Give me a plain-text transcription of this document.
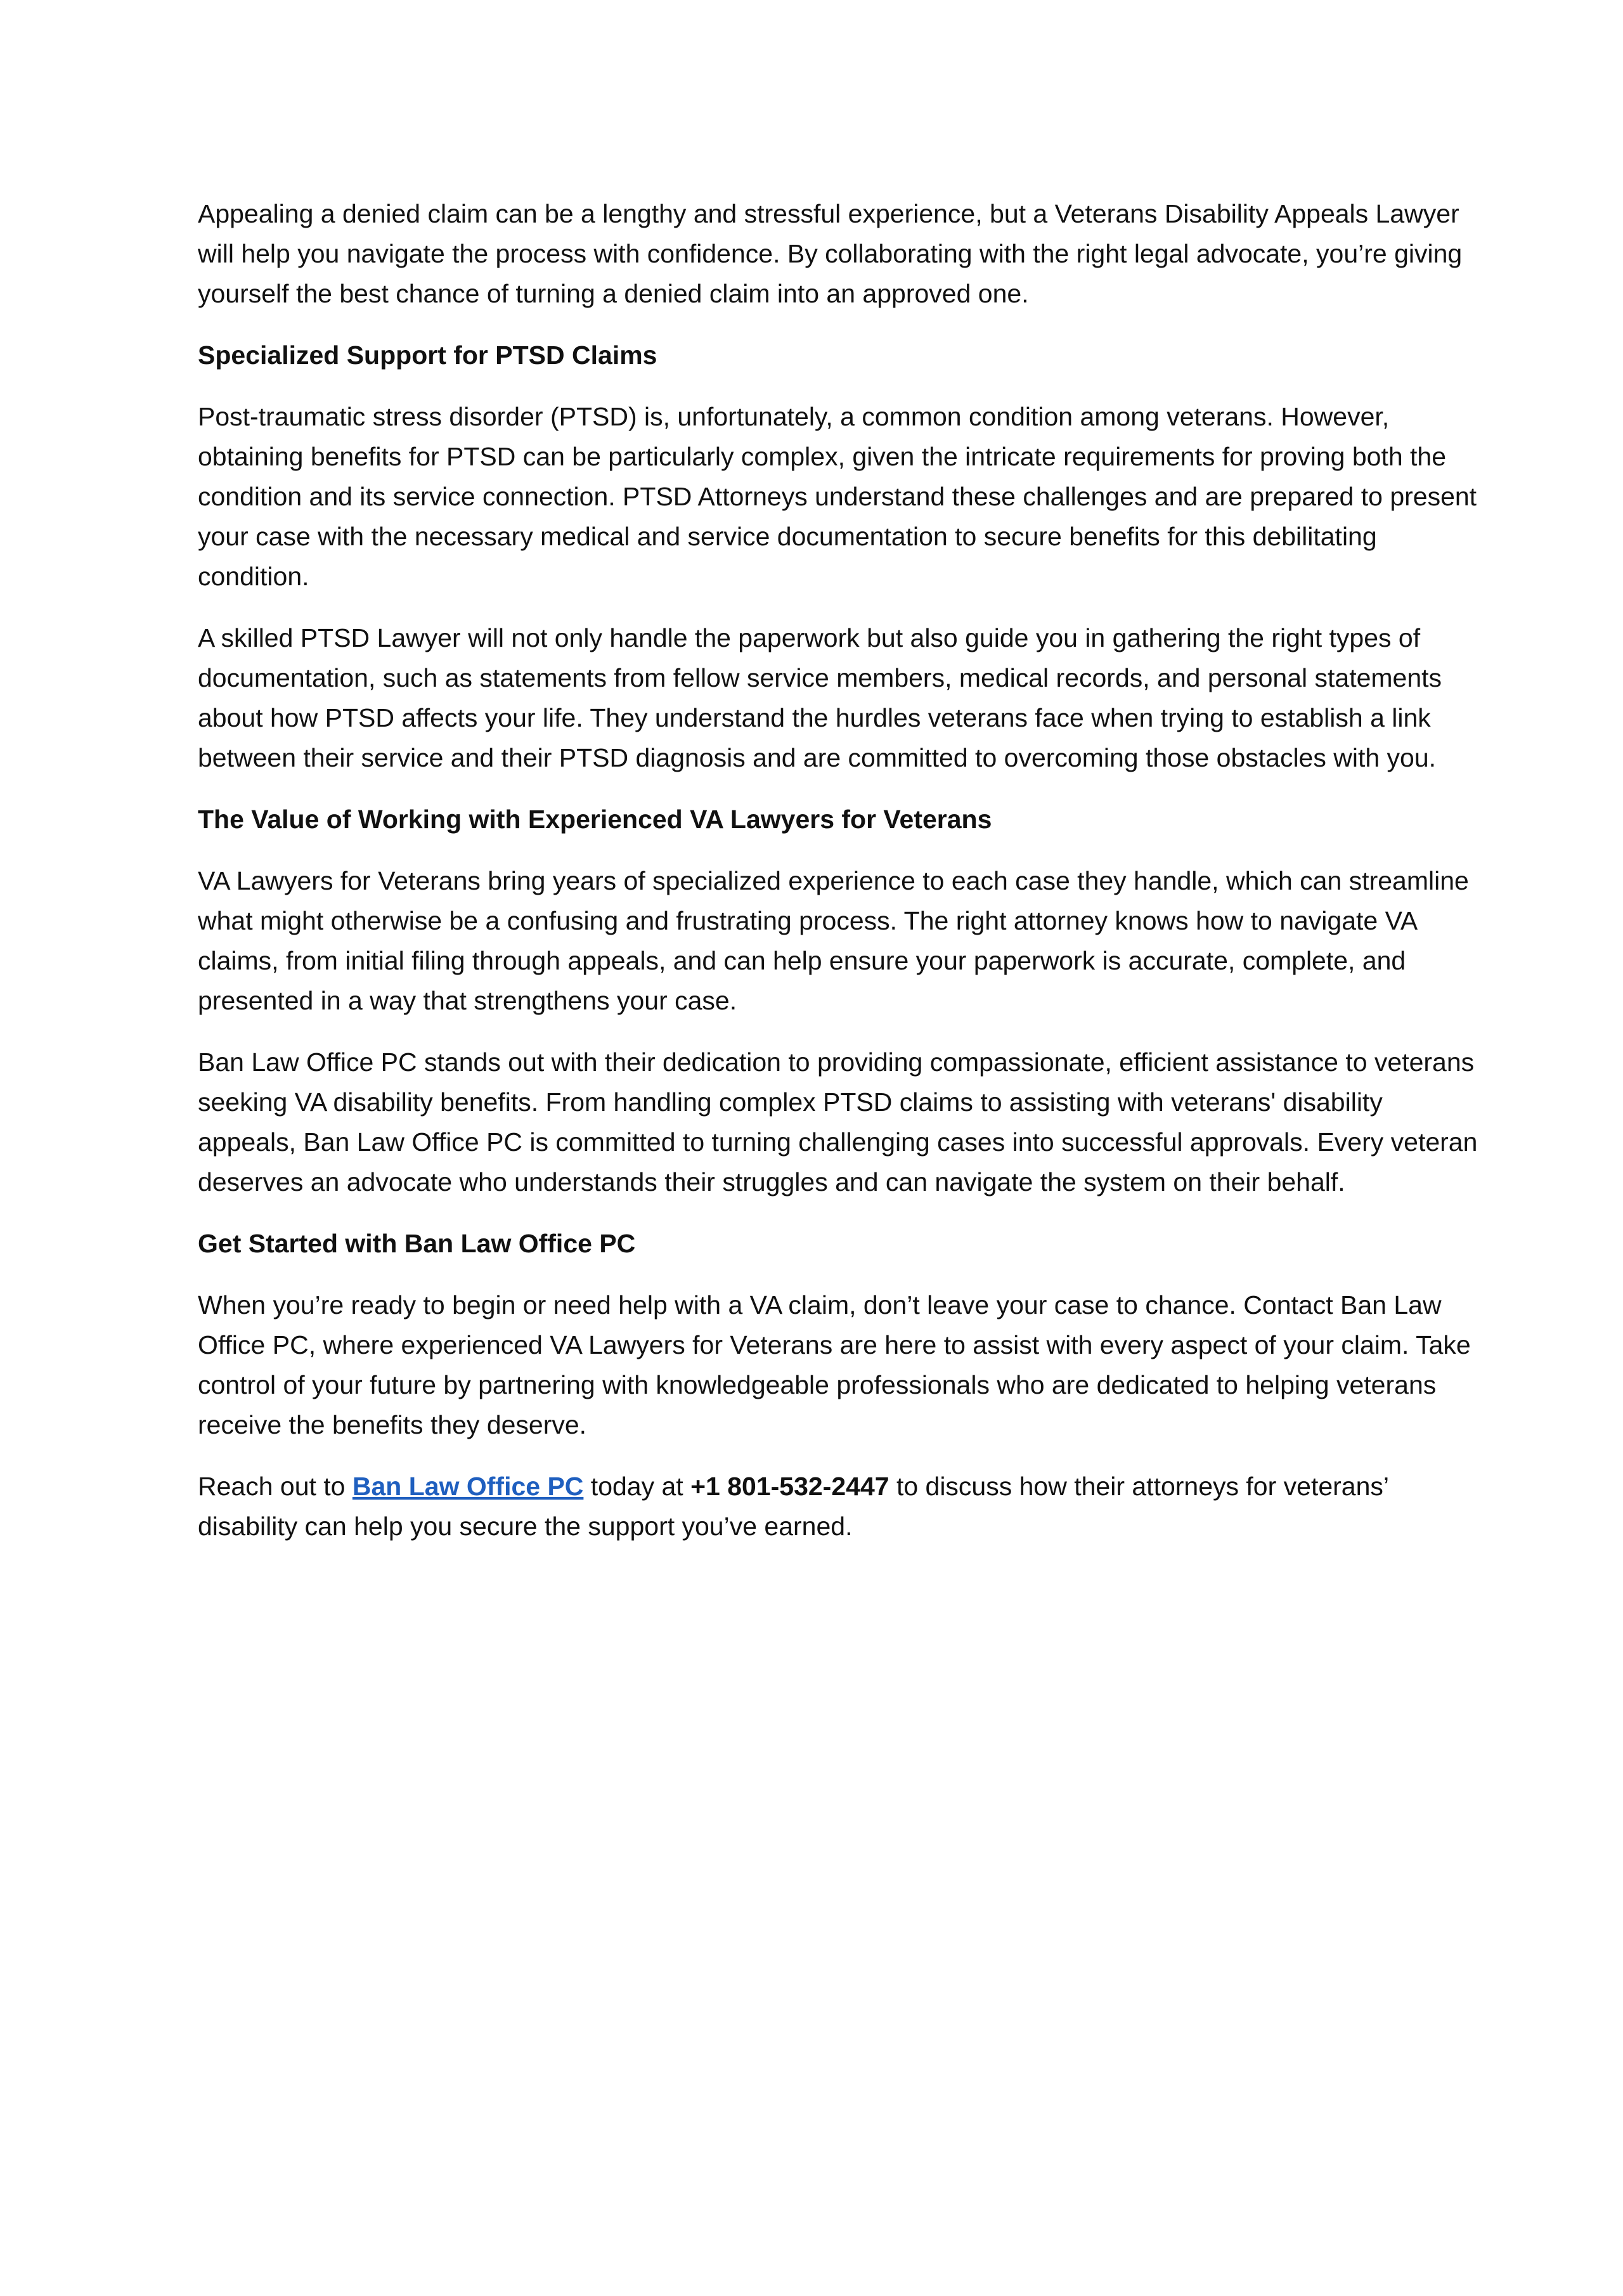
Appealing a denied claim can be a lengthy and stressful experience, but a Veterans Disability Appeals Lawyer will help you navigate the process with confidence. By collaborating with the right legal advocate, you’re giving yourself the best chance of turning a denied claim into an approved one.

Specialized Support for PTSD Claims

Post-traumatic stress disorder (PTSD) is, unfortunately, a common condition among veterans. However, obtaining benefits for PTSD can be particularly complex, given the intricate requirements for proving both the condition and its service connection. PTSD Attorneys understand these challenges and are prepared to present your case with the necessary medical and service documentation to secure benefits for this debilitating condition.

A skilled PTSD Lawyer will not only handle the paperwork but also guide you in gathering the right types of documentation, such as statements from fellow service members, medical records, and personal statements about how PTSD affects your life. They understand the hurdles veterans face when trying to establish a link between their service and their PTSD diagnosis and are committed to overcoming those obstacles with you.

The Value of Working with Experienced VA Lawyers for Veterans

VA Lawyers for Veterans bring years of specialized experience to each case they handle, which can streamline what might otherwise be a confusing and frustrating process. The right attorney knows how to navigate VA claims, from initial filing through appeals, and can help ensure your paperwork is accurate, complete, and presented in a way that strengthens your case.

Ban Law Office PC stands out with their dedication to providing compassionate, efficient assistance to veterans seeking VA disability benefits. From handling complex PTSD claims to assisting with veterans' disability appeals, Ban Law Office PC is committed to turning challenging cases into successful approvals. Every veteran deserves an advocate who understands their struggles and can navigate the system on their behalf.

Get Started with Ban Law Office PC

When you’re ready to begin or need help with a VA claim, don’t leave your case to chance. Contact Ban Law Office PC, where experienced VA Lawyers for Veterans are here to assist with every aspect of your claim. Take control of your future by partnering with knowledgeable professionals who are dedicated to helping veterans receive the benefits they deserve.

Reach out to Ban Law Office PC today at +1 801-532-2447 to discuss how their attorneys for veterans’ disability can help you secure the support you’ve earned.
